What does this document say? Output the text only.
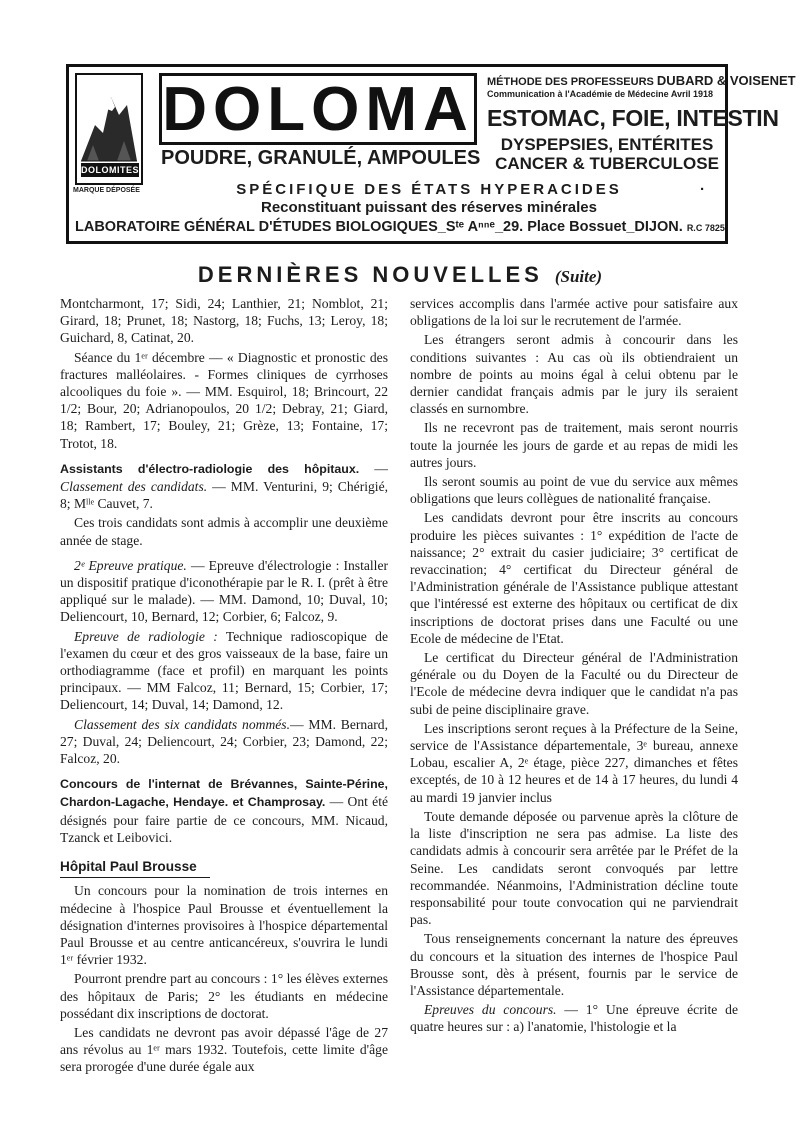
DOLOMITES
MARQUE DÉPOSÉE
DOLOMA
POUDRE, GRANULÉ, AMPOULES
MÉTHODE DES PROFESSEURS DUBARD & VOISENET
Communication à l'Académie de Médecine Avril 1918
ESTOMAC, FOIE, INTESTIN
DYSPEPSIES, ENTÉRITES
CANCER & TUBERCULOSE
SPÉCIFIQUE DES ÉTATS HYPERACIDES	·
Reconstituant puissant des réserves minérales
LABORATOIRE GÉNÉRAL D'ÉTUDES BIOLOGIQUES_Sᵗᵉ Aⁿⁿᵉ_29. Place Bossuet_DIJON. R.C 7825
DERNIÈRES NOUVELLES (Suite)

Montcharmont, 17; Sidi, 24; Lanthier, 21; Nomblot, 21; Girard, 18; Prunet, 18; Nastorg, 18; Fuchs, 13; Leroy, 18; Guichard, 8, Catinat, 20.

Séance du 1ᵉʳ décembre — « Diagnostic et pronostic des fractures malléolaires. - Formes cliniques de cyrrhoses alcooliques du foie ». — MM. Esquirol, 18; Brincourt, 22 1/2; Bour, 20; Adrianopoulos, 20 1/2; Debray, 21; Giard, 18; Rambert, 17; Bouley, 21; Grèze, 13; Fontaine, 17; Trotot, 18.

Assistants d'électro-radiologie des hôpitaux. — Classement des candidats. — MM. Venturini, 9; Chérigié, 8; Mˡˡᵉ Cauvet, 7.

Ces trois candidats sont admis à accomplir une deuxième année de stage.

2ᵉ Epreuve pratique. — Epreuve d'électrologie : Installer un dispositif pratique d'iconothérapie par le R. I. (prêt à être appliqué sur le malade). — MM. Damond, 10; Duval, 10; Deliencourt, 10, Bernard, 12; Corbier, 6; Falcoz, 9.

Epreuve de radiologie : Technique radioscopique de l'examen du cœur et des gros vaisseaux de la base, faire un orthodiagramme (face et profil) en marquant les points principaux. — MM Falcoz, 11; Bernard, 15; Corbier, 17; Deliencourt, 14; Duval, 14; Damond, 12.

Classement des six candidats nommés.— MM. Bernard, 27; Duval, 24; Deliencourt, 24; Corbier, 23; Damond, 22; Falcoz, 20.

Concours de l'internat de Brévannes, Sainte-Périne, Chardon-Lagache, Hendaye. et Champrosay. — Ont été désignés pour faire partie de ce concours, MM. Nicaud, Tzanck et Leibovici.

Hôpital Paul Brousse

Un concours pour la nomination de trois internes en médecine à l'hospice Paul Brousse et éventuellement la désignation d'internes provisoires à l'hospice départemental Paul Brousse et au centre anticancéreux, s'ouvrira le lundi 1ᵉʳ février 1932.

Pourront prendre part au concours : 1° les élèves externes des hôpitaux de Paris; 2° les étudiants en médecine possédant dix inscriptions de doctorat.

Les candidats ne devront pas avoir dépassé l'âge de 27 ans révolus au 1ᵉʳ mars 1932. Toutefois, cette limite d'âge sera prorogée d'une durée égale aux

services accomplis dans l'armée active pour satisfaire aux obligations de la loi sur le recrutement de l'armée.

Les étrangers seront admis à concourir dans les conditions suivantes : Au cas où ils obtiendraient un nombre de points au moins égal à celui obtenu par le dernier candidat français admis par le jury ils seraient classés en surnombre.

Ils ne recevront pas de traitement, mais seront nourris toute la journée les jours de garde et au repas de midi les autres jours.

Ils seront soumis au point de vue du service aux mêmes obligations que leurs collègues de nationalité française.

Les candidats devront pour être inscrits au concours produire les pièces suivantes : 1° expédition de l'acte de naissance; 2° extrait du casier judiciaire; 3° certificat de revaccination; 4° certificat du Directeur général de l'Administration générale de l'Assistance publique attestant que l'intéressé est externe des hôpitaux ou certificat de dix inscriptions de doctorat prises dans une Faculté ou une Ecole de médecine de l'Etat.

Le certificat du Directeur général de l'Administration générale ou du Doyen de la Faculté ou du Directeur de l'Ecole de médecine devra indiquer que le candidat n'a pas subi de peine disciplinaire grave.

Les inscriptions seront reçues à la Préfecture de la Seine, service de l'Assistance départementale, 3ᵉ bureau, annexe Lobau, escalier A, 2ᵉ étage, pièce 227, dimanches et fêtes exceptés, de 10 à 12 heures et de 14 à 17 heures, du lundi 4 au mardi 19 janvier inclus

Toute demande déposée ou parvenue après la clôture de la liste d'inscription ne sera pas admise. La liste des candidats admis à concourir sera arrêtée par le Préfet de la Seine. Les candidats seront convoqués par lettre recommandée. Néanmoins, l'Administration décline toute responsabilité pour toute convocation qui ne parviendrait pas.

Tous renseignements concernant la nature des épreuves du concours et la situation des internes de l'hospice Paul Brousse sont, dès à présent, fournis par le service de l'Assistance départementale.

Epreuves du concours. — 1° Une épreuve écrite de quatre heures sur : a) l'anatomie, l'histologie et la
